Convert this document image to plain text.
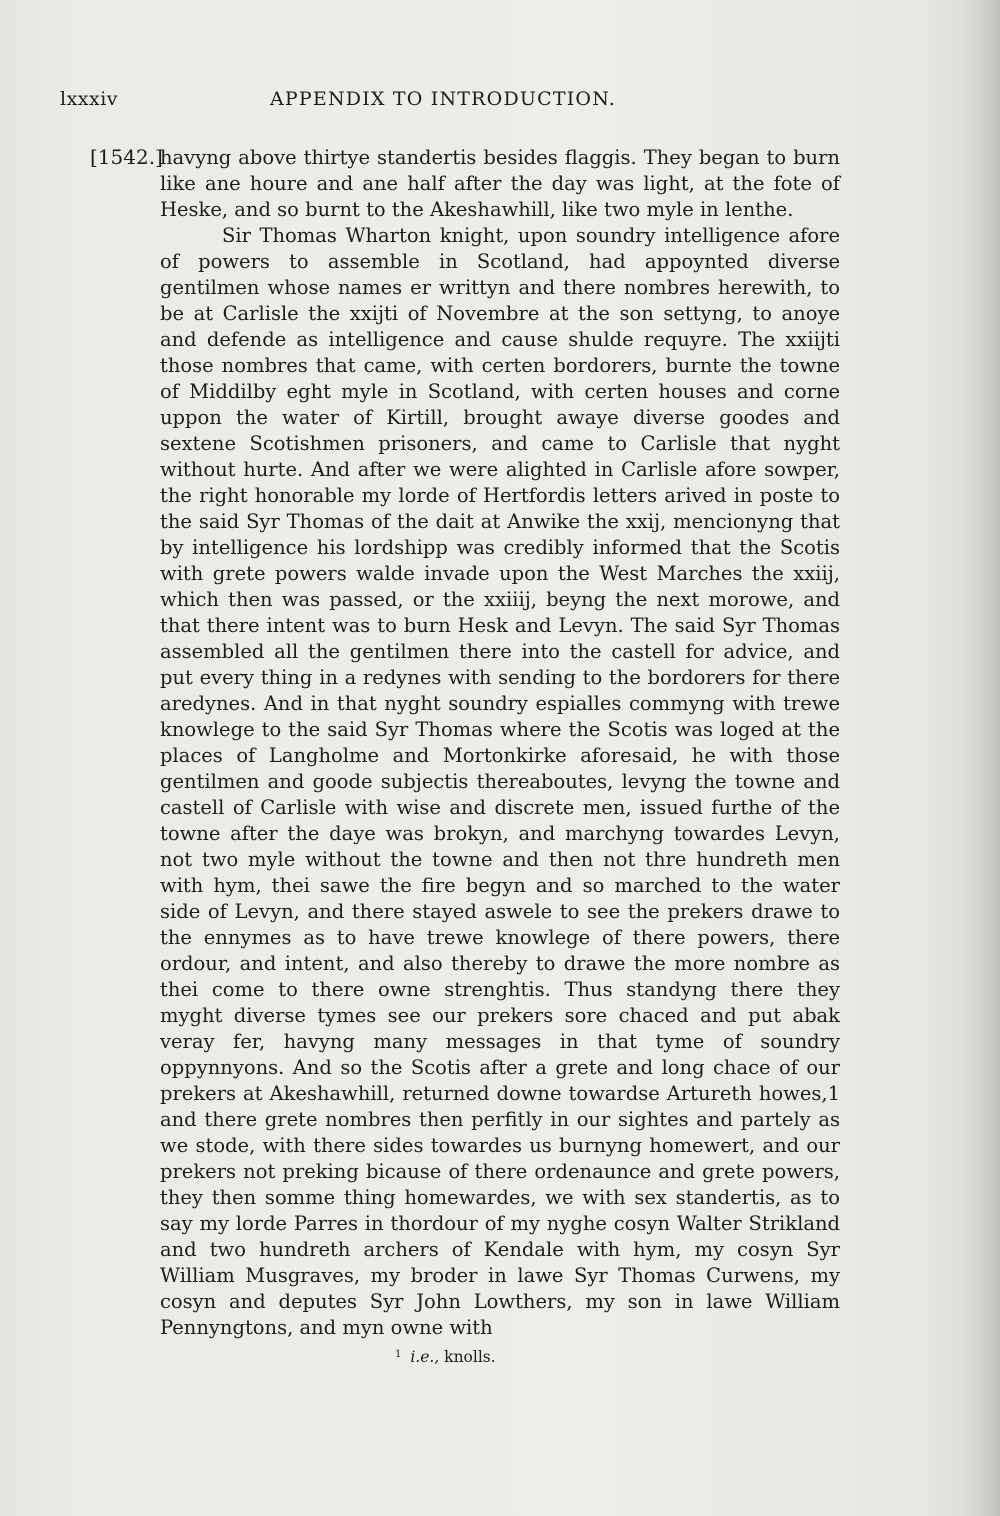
lxxxiv	APPENDIX TO INTRODUCTION.
[1542.]

havyng above thirtye standertis besides flaggis. They began to burn like ane houre and ane half after the day was light, at the fote of Heske, and so burnt to the Akeshawhill, like two myle in lenthe.

Sir Thomas Wharton knight, upon soundry intelligence afore of powers to assemble in Scotland, had appoynted diverse gentilmen whose names er writtyn and there nombres herewith, to be at Carlisle the xxijti of Novembre at the son settyng, to anoye and defende as intelligence and cause shulde requyre. The xxiijti those nombres that came, with certen bordorers, burnte the towne of Middilby eght myle in Scotland, with certen houses and corne uppon the water of Kirtill, brought awaye diverse goodes and sextene Scotishmen prisoners, and came to Carlisle that nyght without hurte. And after we were alighted in Carlisle afore sowper, the right honorable my lorde of Hertfordis letters arived in poste to the said Syr Thomas of the dait at Anwike the xxij, mencionyng that by intelligence his lordshipp was credibly informed that the Scotis with grete powers walde invade upon the West Marches the xxiij, which then was passed, or the xxiiij, beyng the next morowe, and that there intent was to burn Hesk and Levyn. The said Syr Thomas assembled all the gentilmen there into the castell for advice, and put every thing in a redynes with sending to the bordorers for there aredynes. And in that nyght soundry espialles commyng with trewe knowlege to the said Syr Thomas where the Scotis was loged at the places of Langholme and Mortonkirke aforesaid, he with those gentilmen and goode subjectis thereaboutes, levyng the towne and castell of Carlisle with wise and discrete men, issued furthe of the towne after the daye was brokyn, and marchyng towardes Levyn, not two myle without the towne and then not thre hundreth men with hym, thei sawe the fire begyn and so marched to the water side of Levyn, and there stayed aswele to see the prekers drawe to the ennymes as to have trewe knowlege of there powers, there ordour, and intent, and also thereby to drawe the more nombre as thei come to there owne strenghtis. Thus standyng there they myght diverse tymes see our prekers sore chaced and put abak veray fer, havyng many messages in that tyme of soundry oppynnyons. And so the Scotis after a grete and long chace of our prekers at Akeshawhill, returned downe towardse Artureth howes,1 and there grete nombres then perfitly in our sightes and partely as we stode, with there sides towardes us burnyng homewert, and our prekers not preking bicause of there ordenaunce and grete powers, they then somme thing homewardes, we with sex standertis, as to say my lorde Parres in thordour of my nyghe cosyn Walter Strikland and two hundreth archers of Kendale with hym, my cosyn Syr William Musgraves, my broder in lawe Syr Thomas Curwens, my cosyn and deputes Syr John Lowthers, my son in lawe William Pennyngtons, and myn owne with

$^1$ i.e., knolls.
